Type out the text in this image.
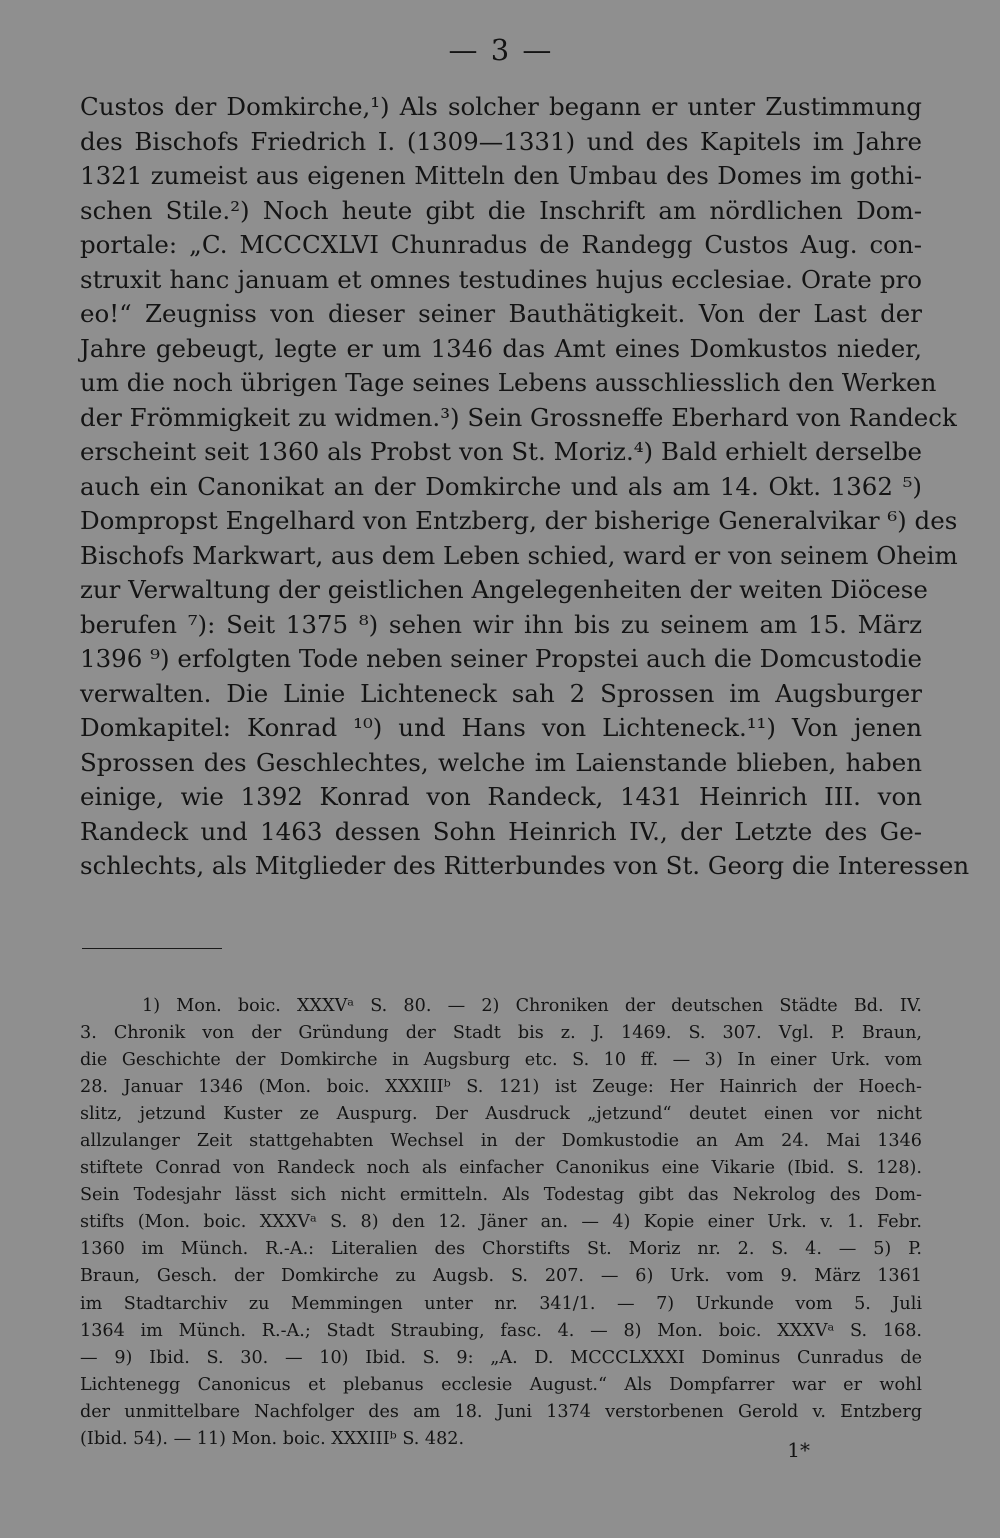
— 3 —
Custos der Domkirche,¹) Als solcher begann er unter Zustimmung
des Bischofs Friedrich I. (1309—1331) und des Kapitels im Jahre
1321 zumeist aus eigenen Mitteln den Umbau des Domes im gothi-
schen Stile.²) Noch heute gibt die Inschrift am nördlichen Dom-
portale: „C. MCCCXLVI Chunradus de Randegg Custos Aug. con-
struxit hanc januam et omnes testudines hujus ecclesiae. Orate pro
eo!“ Zeugniss von dieser seiner Bauthätigkeit. Von der Last der
Jahre gebeugt, legte er um 1346 das Amt eines Domkustos nieder,
um die noch übrigen Tage seines Lebens ausschliesslich den Werken
der Frömmigkeit zu widmen.³) Sein Grossneffe Eberhard von Randeck
erscheint seit 1360 als Probst von St. Moriz.⁴) Bald erhielt derselbe
auch ein Canonikat an der Domkirche und als am 14. Okt. 1362 ⁵)
Dompropst Engelhard von Entzberg, der bisherige Generalvikar ⁶) des
Bischofs Markwart, aus dem Leben schied, ward er von seinem Oheim
zur Verwaltung der geistlichen Angelegenheiten der weiten Diöcese
berufen ⁷): Seit 1375 ⁸) sehen wir ihn bis zu seinem am 15. März
1396 ⁹) erfolgten Tode neben seiner Propstei auch die Domcustodie
verwalten. Die Linie Lichteneck sah 2 Sprossen im Augsburger
Domkapitel: Konrad ¹⁰) und Hans von Lichteneck.¹¹) Von jenen
Sprossen des Geschlechtes, welche im Laienstande blieben, haben
einige, wie 1392 Konrad von Randeck, 1431 Heinrich III. von
Randeck und 1463 dessen Sohn Heinrich IV., der Letzte des Ge-
schlechts, als Mitglieder des Ritterbundes von St. Georg die Interessen
1) Mon. boic. XXXVᵃ S. 80. — 2) Chroniken der deutschen Städte Bd. IV.
3. Chronik von der Gründung der Stadt bis z. J. 1469. S. 307. Vgl. P. Braun,
die Geschichte der Domkirche in Augsburg etc. S. 10 ff. — 3) In einer Urk. vom
28. Januar 1346 (Mon. boic. XXXIIIᵇ S. 121) ist Zeuge: Her Hainrich der Hoech-
slitz, jetzund Kuster ze Auspurg. Der Ausdruck „jetzund“ deutet einen vor nicht
allzulanger Zeit stattgehabten Wechsel in der Domkustodie an Am 24. Mai 1346
stiftete Conrad von Randeck noch als einfacher Canonikus eine Vikarie (Ibid. S. 128).
Sein Todesjahr lässt sich nicht ermitteln. Als Todestag gibt das Nekrolog des Dom-
stifts (Mon. boic. XXXVᵃ S. 8) den 12. Jäner an. — 4) Kopie einer Urk. v. 1. Febr.
1360 im Münch. R.-A.: Literalien des Chorstifts St. Moriz nr. 2. S. 4. — 5) P.
Braun, Gesch. der Domkirche zu Augsb. S. 207. — 6) Urk. vom 9. März 1361
im Stadtarchiv zu Memmingen unter nr. 341/1. — 7) Urkunde vom 5. Juli
1364 im Münch. R.-A.; Stadt Straubing, fasc. 4. — 8) Mon. boic. XXXVᵃ S. 168.
— 9) Ibid. S. 30. — 10) Ibid. S. 9: „A. D. MCCCLXXXI Dominus Cunradus de
Lichtenegg Canonicus et plebanus ecclesie August.“ Als Dompfarrer war er wohl
der unmittelbare Nachfolger des am 18. Juni 1374 verstorbenen Gerold v. Entzberg
(Ibid. 54). — 11) Mon. boic. XXXIIIᵇ S. 482.	1*
